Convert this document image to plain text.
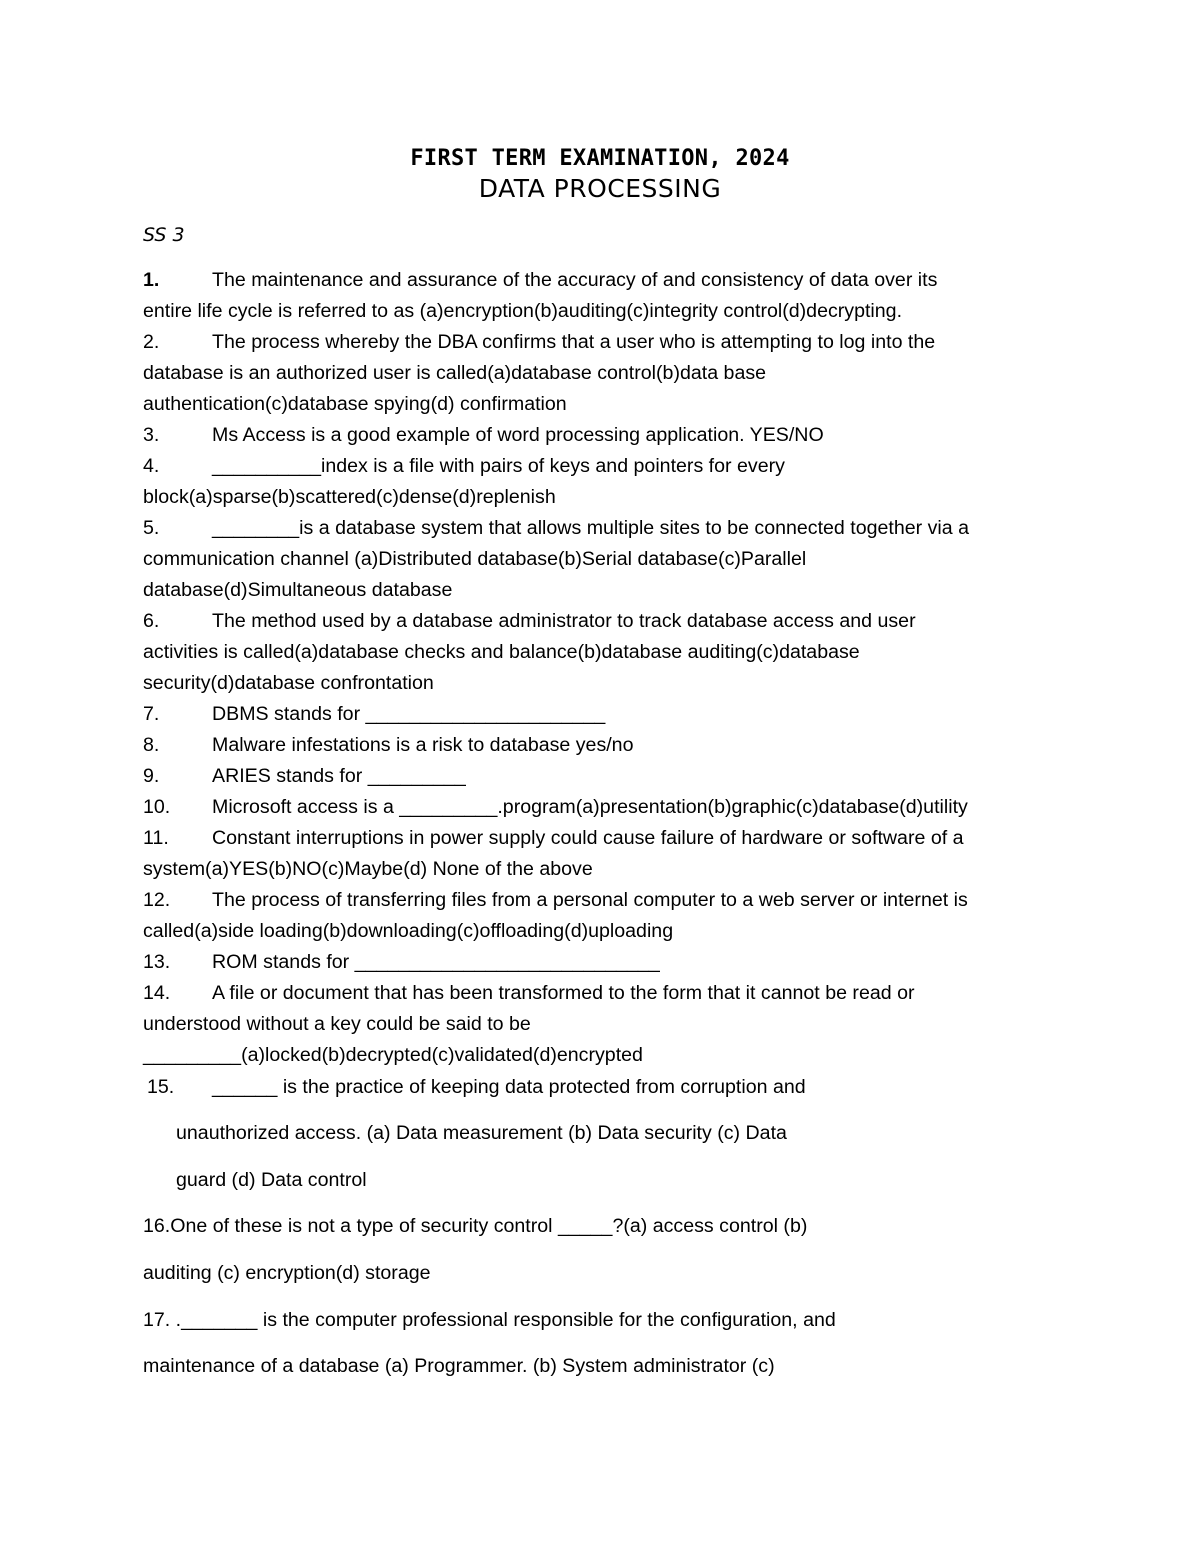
FIRST TERM EXAMINATION, 2024
DATA PROCESSING
SS 3
1.	The maintenance and assurance of the accuracy of and consistency of data over its
entire life cycle is referred to as (a)encryption(b)auditing(c)integrity control(d)decrypting.
2.	The process whereby the DBA confirms that a user who is attempting to log into the
database is an authorized user is called(a)database control(b)data base
authentication(c)database spying(d) confirmation
3.	Ms Access is a good example of word processing application. YES/NO
4.	__________index is a file with pairs of keys and pointers for every
block(a)sparse(b)scattered(c)dense(d)replenish
5.	________is a database system that allows multiple sites to be connected together via a
communication channel (a)Distributed database(b)Serial database(c)Parallel
database(d)Simultaneous database
6.	The method used by a database administrator to track database access and user
activities is called(a)database checks and balance(b)database auditing(c)database
security(d)database confrontation
7.	DBMS stands for ______________________
8.	Malware infestations is a risk to database yes/no
9.	ARIES stands for _________
10. Microsoft access is a _________.program(a)presentation(b)graphic(c)database(d)utility
11. Constant interruptions in power supply could cause failure of hardware or software of a
system(a)YES(b)NO(c)Maybe(d) None of the above
12. The process of transferring files from a personal computer to a web server or internet is
called(a)side loading(b)downloading(c)offloading(d)uploading
13. ROM stands for ____________________________
14. A file or document that has been transformed to the form that it cannot be read or
understood without a key could be said to be
_________(a)locked(b)decrypted(c)validated(d)encrypted
15. ______ is the practice of keeping data protected from corruption and
unauthorized access. (a) Data measurement (b) Data security (c) Data
guard (d) Data control
16.One of these is not a type of security control _____?(a) access control (b)
auditing (c) encryption(d) storage
17. ._______ is the computer professional responsible for the configuration, and
maintenance of a database (a) Programmer. (b) System administrator (c)
